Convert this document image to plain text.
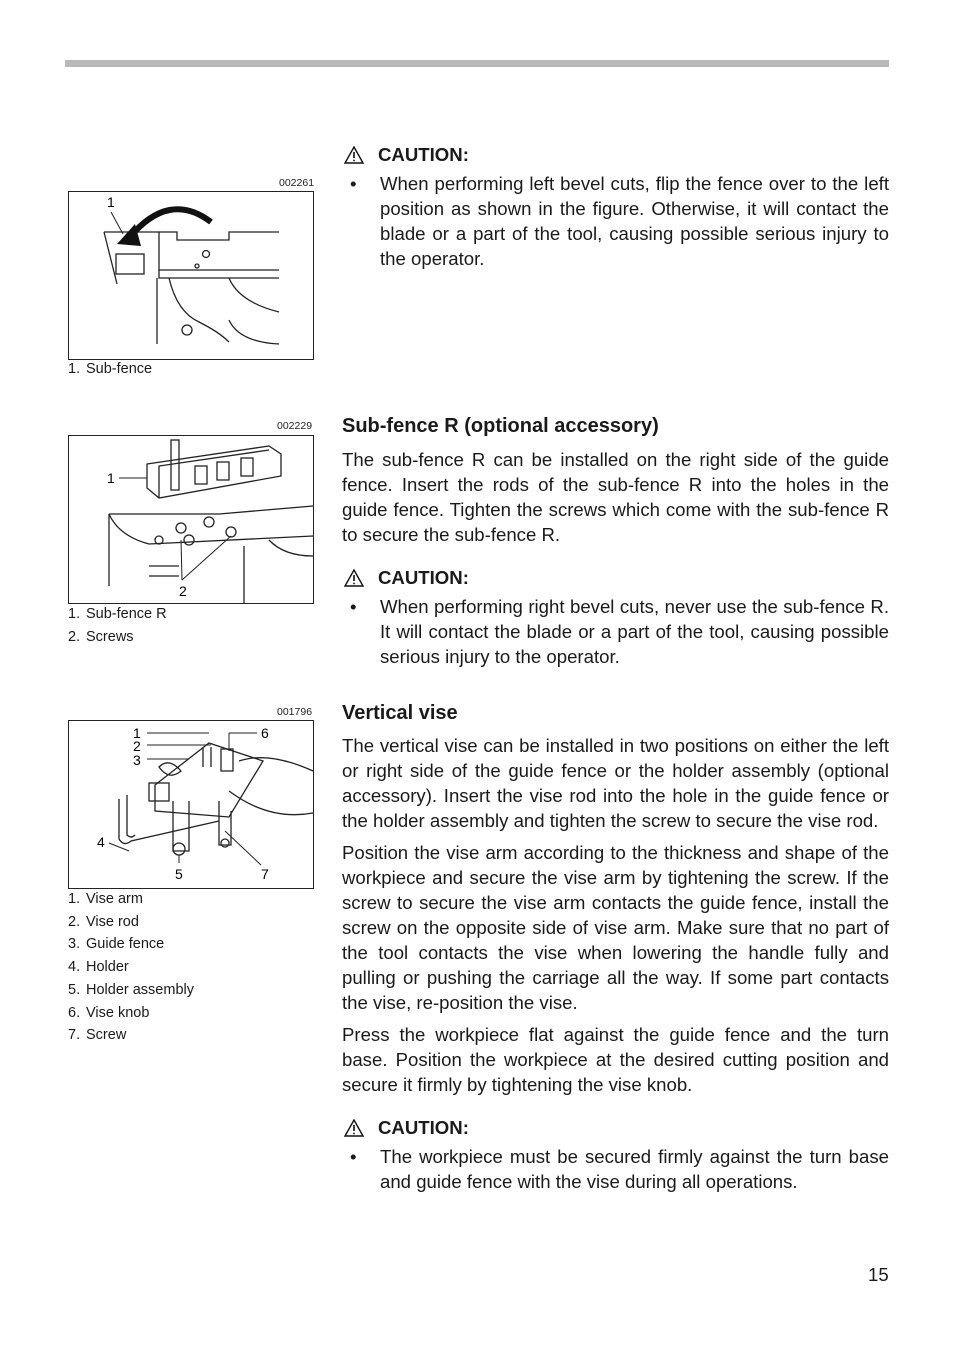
002261
1
1. Sub-fence
002229
1
2
1. Sub-fence R
2. Screws
001796
1
2
3
4
5
6
7
1. Vise arm
2. Vise rod
3. Guide fence
4. Holder
5. Holder assembly
6. Vise knob
7. Screw
CAUTION:
• When performing left bevel cuts, flip the fence over to the left position as shown in the figure. Otherwise, it will contact the blade or a part of the tool, causing possible serious injury to the operator.
Sub-fence R (optional accessory)

The sub-fence R can be installed on the right side of the guide fence. Insert the rods of the sub-fence R into the holes in the guide fence. Tighten the screws which come with the sub-fence R to secure the sub-fence R.

CAUTION:
• When performing right bevel cuts, never use the sub-fence R. It will contact the blade or a part of the tool, causing possible serious injury to the operator.
Vertical vise

The vertical vise can be installed in two positions on either the left or right side of the guide fence or the holder assembly (optional accessory). Insert the vise rod into the hole in the guide fence or the holder assembly and tighten the screw to secure the vise rod.

Position the vise arm according to the thickness and shape of the workpiece and secure the vise arm by tightening the screw. If the screw to secure the vise arm contacts the guide fence, install the screw on the opposite side of vise arm. Make sure that no part of the tool contacts the vise when lowering the handle fully and pulling or pushing the carriage all the way. If some part contacts the vise, re-position the vise.

Press the workpiece flat against the guide fence and the turn base. Position the workpiece at the desired cutting position and secure it firmly by tightening the vise knob.

CAUTION:
• The workpiece must be secured firmly against the turn base and guide fence with the vise during all operations.
15
